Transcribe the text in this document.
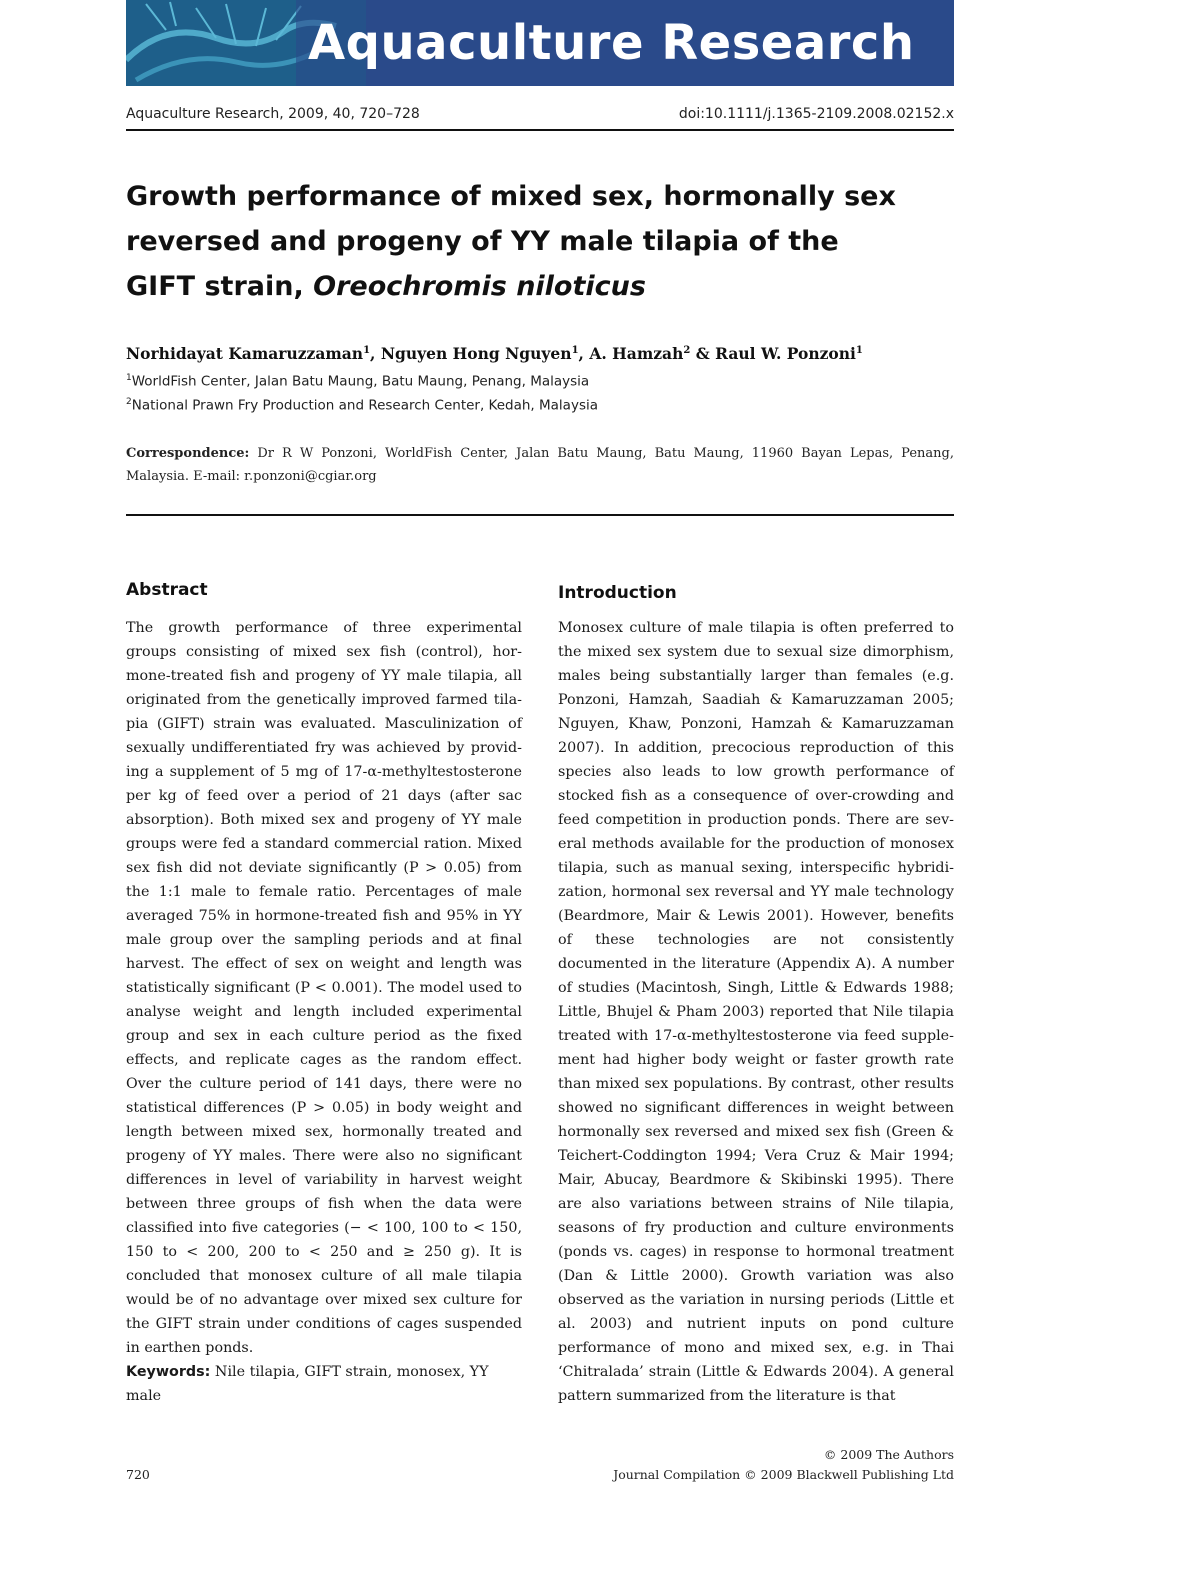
Aquaculture Research
Aquaculture Research, 2009, 40, 720–728	doi:10.1111/j.1365-2109.2008.02152.x
Growth performance of mixed sex, hormonally sex
reversed and progeny of YY male tilapia of the
GIFT strain, Oreochromis niloticus
Norhidayat Kamaruzzaman$^1$, Nguyen Hong Nguyen$^1$, A. Hamzah$^2$ & Raul W. Ponzoni$^1$
$^1$WorldFish Center, Jalan Batu Maung, Batu Maung, Penang, Malaysia
$^2$National Prawn Fry Production and Research Center, Kedah, Malaysia
Correspondence: Dr R W Ponzoni, WorldFish Center, Jalan Batu Maung, Batu Maung, 11960 Bayan Lepas, Penang, Malaysia. E-mail: r.ponzoni@cgiar.org
Abstract
The growth performance of three experimental groups consisting of mixed sex fish (control), hormone-treated fish and progeny of YY male tilapia, all originated from the genetically improved farmed tilapia (GIFT) strain was evaluated. Masculinization of sexually undifferentiated fry was achieved by providing a supplement of 5 mg of 17-α-methyltestosterone per kg of feed over a period of 21 days (after sac absorption). Both mixed sex and progeny of YY male groups were fed a standard commercial ration. Mixed sex fish did not deviate significantly (P > 0.05) from the 1:1 male to female ratio. Percentages of male averaged 75% in hormone-treated fish and 95% in YY male group over the sampling periods and at final harvest. The effect of sex on weight and length was statistically significant (P < 0.001). The model used to analyse weight and length included experimental group and sex in each culture period as the fixed effects, and replicate cages as the random effect. Over the culture period of 141 days, there were no statistical differences (P > 0.05) in body weight and length between mixed sex, hormonally treated and progeny of YY males. There were also no significant differences in level of variability in harvest weight between three groups of fish when the data were classified into five categories (− < 100, 100 to < 150, 150 to < 200, 200 to < 250 and ≥ 250 g). It is concluded that monosex culture of all male tilapia would be of no advantage over mixed sex culture for the GIFT strain under conditions of cages suspended in earthen ponds.
Keywords: Nile tilapia, GIFT strain, monosex, YY male
Introduction
Monosex culture of male tilapia is often preferred to the mixed sex system due to sexual size dimorphism, males being substantially larger than females (e.g. Ponzoni, Hamzah, Saadiah & Kamaruzzaman 2005; Nguyen, Khaw, Ponzoni, Hamzah & Kamaruzzaman 2007). In addition, precocious reproduction of this species also leads to low growth performance of stocked fish as a consequence of over-crowding and feed competition in production ponds. There are several methods available for the production of monosex tilapia, such as manual sexing, interspecific hybridization, hormonal sex reversal and YY male technology (Beardmore, Mair & Lewis 2001). However, benefits of these technologies are not consistently documented in the literature (Appendix A). A number of studies (Macintosh, Singh, Little & Edwards 1988; Little, Bhujel & Pham 2003) reported that Nile tilapia treated with 17-α-methyltestosterone via feed supplement had higher body weight or faster growth rate than mixed sex populations. By contrast, other results showed no significant differences in weight between hormonally sex reversed and mixed sex fish (Green & Teichert-Coddington 1994; Vera Cruz & Mair 1994; Mair, Abucay, Beardmore & Skibinski 1995). There are also variations between strains of Nile tilapia, seasons of fry production and culture environments (ponds vs. cages) in response to hormonal treatment (Dan & Little 2000). Growth variation was also observed as the variation in nursing periods (Little et al. 2003) and nutrient inputs on pond culture performance of mono and mixed sex, e.g. in Thai ‘Chitralada’ strain (Little & Edwards 2004). A general pattern summarized from the literature is that
720
© 2009 The Authors
Journal Compilation © 2009 Blackwell Publishing Ltd
